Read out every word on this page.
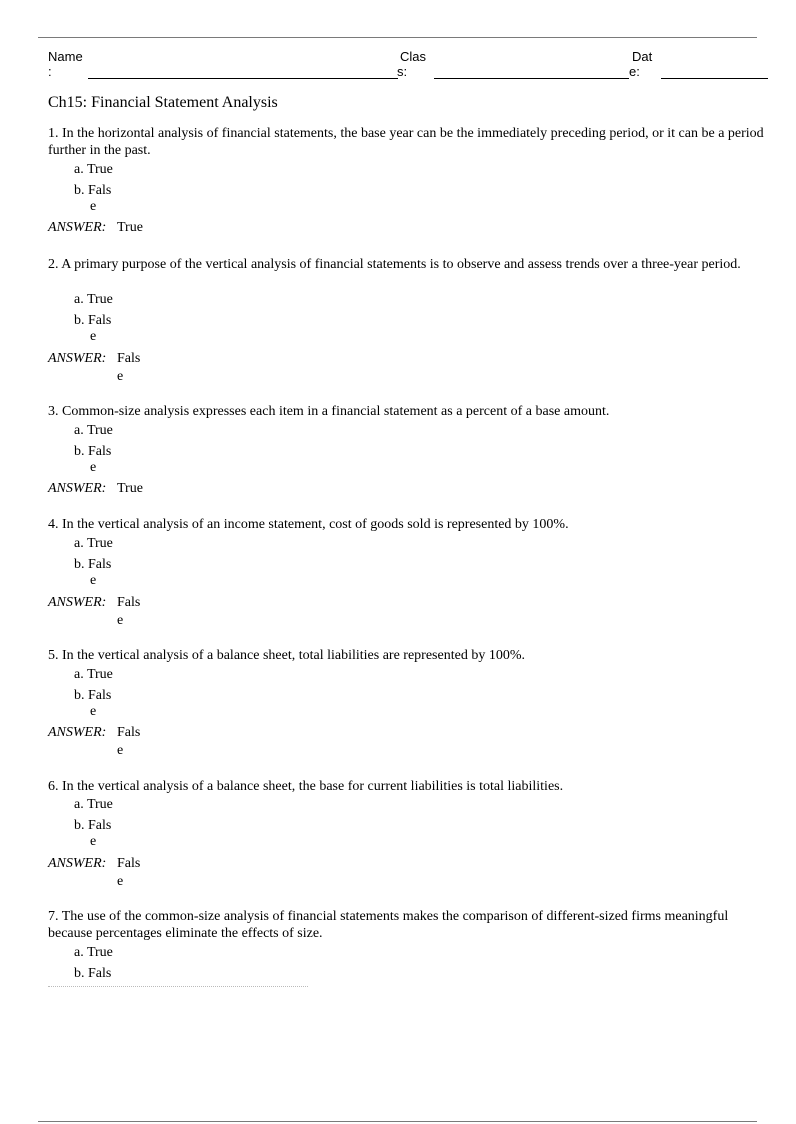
Name
:
Clas
s:
Dat
e:
Ch15: Financial Statement Analysis
1. In the horizontal analysis of financial statements, the base year can be the immediately preceding period, or it can be a period further in the past.
a. True
b. Fals
e
ANSWER: True
2. A primary purpose of the vertical analysis of financial statements is to observe and assess trends over a three-year period.
a. True
b. Fals
e
ANSWER: Fals
e
3. Common-size analysis expresses each item in a financial statement as a percent of a base amount.
a. True
b. Fals
e
ANSWER: True
4. In the vertical analysis of an income statement, cost of goods sold is represented by 100%.
a. True
b. Fals
e
ANSWER: Fals
e
5. In the vertical analysis of a balance sheet, total liabilities are represented by 100%.
a. True
b. Fals
e
ANSWER: Fals
e
6. In the vertical analysis of a balance sheet, the base for current liabilities is total liabilities.
a. True
b. Fals
e
ANSWER: Fals
e
7. The use of the common-size analysis of financial statements makes the comparison of different-sized firms meaningful because percentages eliminate the effects of size.
a. True
b. Fals
